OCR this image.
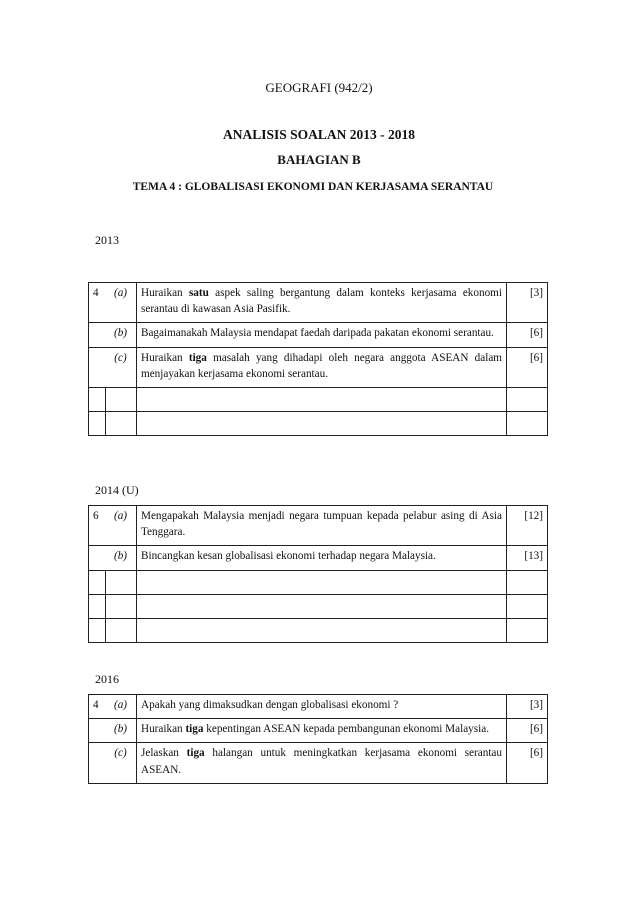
GEOGRAFI (942/2)
ANALISIS SOALAN 2013 - 2018
BAHAGIAN B
TEMA 4 : GLOBALISASI EKONOMI DAN KERJASAMA SERANTAU
2013
4	(a)	Huraikan satu aspek saling bergantung dalam konteks kerjasama ekonomi serantau di kawasan Asia Pasifik.	[3]
	(b)	Bagaimanakah Malaysia mendapat faedah daripada pakatan ekonomi serantau.	[6]
	(c)	Huraikan tiga masalah yang dihadapi oleh negara anggota ASEAN dalam menjayakan kerjasama ekonomi serantau.	[6]

2014 (U)
6	(a)	Mengapakah Malaysia menjadi negara tumpuan kepada pelabur asing di Asia Tenggara.	[12]
	(b)	Bincangkan kesan globalisasi ekonomi terhadap negara Malaysia.	[13]

2016
4	(a)	Apakah yang dimaksudkan dengan globalisasi ekonomi ?	[3]
	(b)	Huraikan tiga kepentingan ASEAN kepada pembangunan ekonomi Malaysia.	[6]
	(c)	Jelaskan tiga halangan untuk meningkatkan kerjasama ekonomi serantau ASEAN.	[6]
